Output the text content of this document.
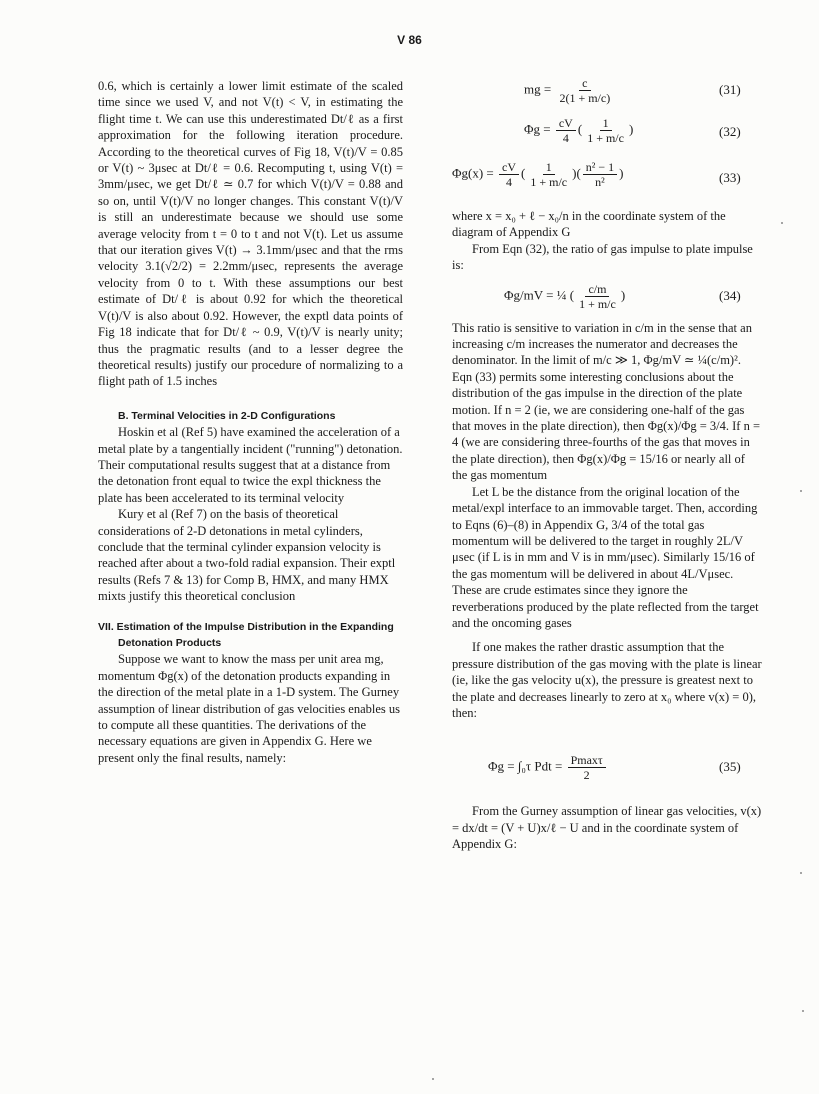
V 86

0.6, which is certainly a lower limit estimate of the scaled time since we used V, and not V(t) < V, in estimating the flight time t. We can use this underestimated Dt/ℓ as a first approximation for the following iteration procedure. According to the theoretical curves of Fig 18, V(t)/V = 0.85 or V(t) ~ 3μsec at Dt/ℓ = 0.6. Recomputing t, using V(t) = 3mm/μsec, we get Dt/ℓ ≃ 0.7 for which V(t)/V = 0.88 and so on, until V(t)/V no longer changes. This constant V(t)/V is still an underestimate because we should use some average velocity from t = 0 to t and not V(t). Let us assume that our iteration gives V(t) → 3.1mm/μsec and that the rms velocity 3.1(√2/2) = 2.2mm/μsec, represents the average velocity from 0 to t. With these assumptions our best estimate of Dt/ℓ is about 0.92 for which the theoretical V(t)/V is also about 0.92. However, the exptl data points of Fig 18 indicate that for Dt/ℓ ~ 0.9, V(t)/V is nearly unity; thus the pragmatic results (and to a lesser degree the theoretical results) justify our procedure of normalizing to a flight path of 1.5 inches

B. Terminal Velocities in 2-D Configurations

Hoskin et al (Ref 5) have examined the acceleration of a metal plate by a tangentially incident ("running") detonation. Their computational results suggest that at a distance from the detonation front equal to twice the expl thickness the plate has been accelerated to its terminal velocity

Kury et al (Ref 7) on the basis of theoretical considerations of 2-D detonations in metal cylinders, conclude that the terminal cylinder expansion velocity is reached after about a two-fold radial expansion. Their exptl results (Refs 7 & 13) for Comp B, HMX, and many HMX mixts justify this theoretical conclusion

VII. Estimation of the Impulse Distribution in the Expanding Detonation Products

Suppose we want to know the mass per unit area mg, momentum Φg(x) of the detonation products expanding in the direction of the metal plate in a 1-D system. The Gurney assumption of linear distribution of gas velocities enables us to compute all these quantities. The derivations of the necessary equations are given in Appendix G. Here we present only the final results, namely:

mg = $\frac{c}{2(1 + m/c)}$	(31)
$\Phi g = \frac{cV}{4}$ ( $\frac{1}{1 + m/c}$ )	(32)
$\Phi g(x) = \frac{cV}{4}$ ( $\frac{1}{1 + m/c}$ )( $\frac{\text{n² − 1}}{\text{n²}}$ )	(33)

where x = x₀ + ℓ − x₀/n in the coordinate system of the diagram of Appendix G

From Eqn (32), the ratio of gas impulse to plate impulse is:

Φg/mV = ¼ ( $\frac{c/m}{1 + m/c}$ )	(34)

This ratio is sensitive to variation in c/m in the sense that an increasing c/m increases the numerator and decreases the denominator. In the limit of m/c ≫ 1, Φg/mV ≃ ¼(c/m)². Eqn (33) permits some interesting conclusions about the distribution of the gas impulse in the direction of the plate motion. If n = 2 (ie, we are considering one-half of the gas that moves in the plate direction), then Φg(x)/Φg = 3/4. If n = 4 (we are considering three-fourths of the gas that moves in the plate direction), then Φg(x)/Φg = 15/16 or nearly all of the gas momentum

Let L be the distance from the original location of the metal/expl interface to an immovable target. Then, according to Eqns (6)–(8) in Appendix G, 3/4 of the total gas momentum will be delivered to the target in roughly 2L/V μsec (if L is in mm and V is in mm/μsec). Similarly 15/16 of the gas momentum will be delivered in about 4L/Vμsec. These are crude estimates since they ignore the reverberations produced by the plate reflected from the target and the oncoming gases

If one makes the rather drastic assumption that the pressure distribution of the gas moving with the plate is linear (ie, like the gas velocity u(x), the pressure is greatest next to the plate and decreases linearly to zero at x₀ where v(x) = 0), then:

Φg = ∫₀τ Pdt = $\frac{Pmax\tau}{2}$	(35)

From the Gurney assumption of linear gas velocities, v(x) = dx/dt = (V + U)x/ℓ − U and in the coordinate system of Appendix G:
